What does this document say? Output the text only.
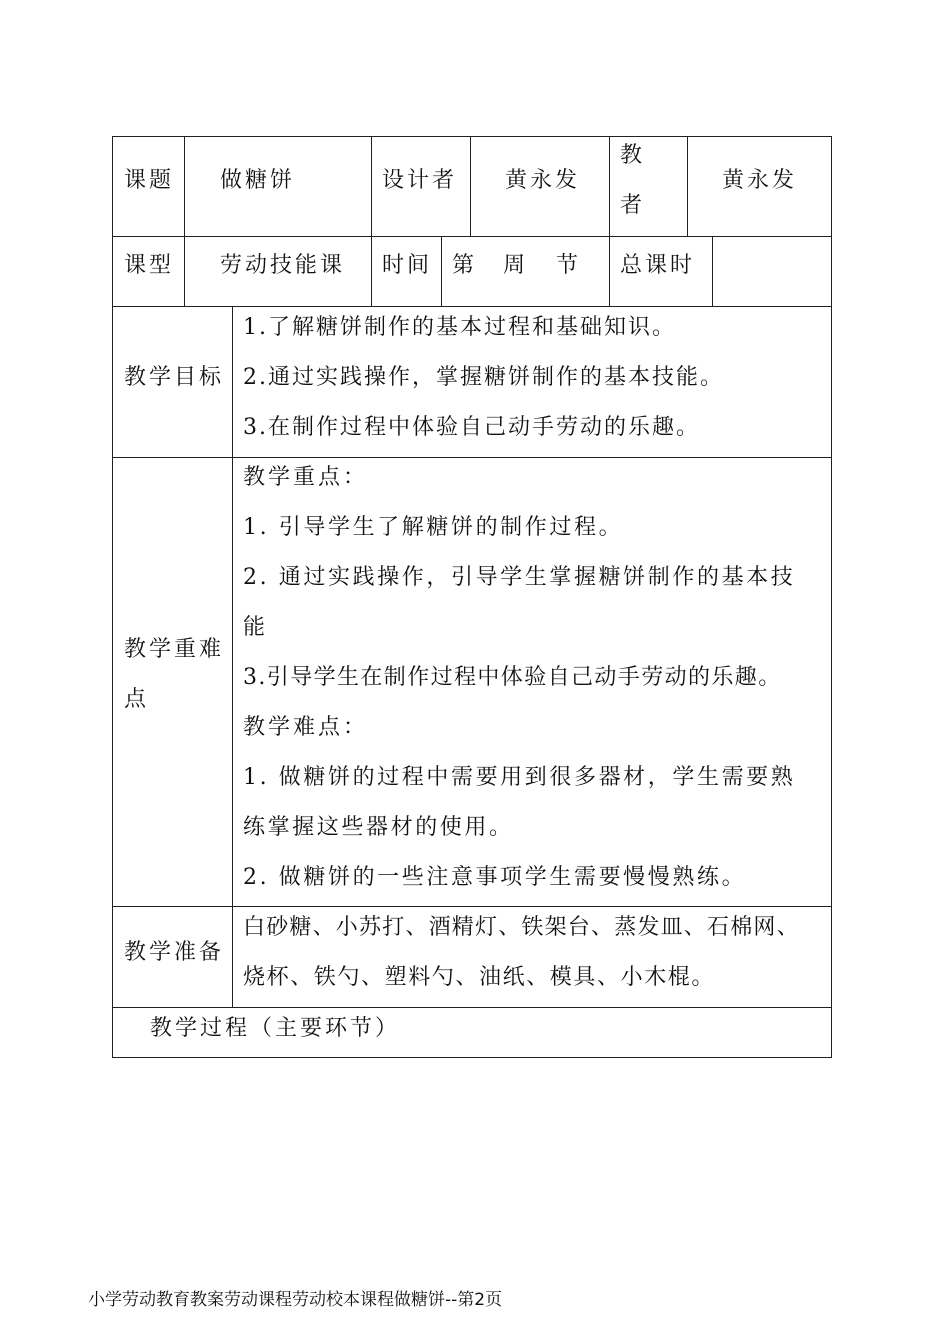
课题 做糖饼	设计者 黄永发
教
者
黄永发
课型 劳动技能课 时间 第 周 节 总课时
教学目标
1.了解糖饼制作的基本过程和基础知识。
2.通过实践操作，掌握糖饼制作的基本技能。
3.在制作过程中体验自己动手劳动的乐趣。
教学重难
点
教学重点：
1. 引导学生了解糖饼的制作过程。
2. 通过实践操作，引导学生掌握糖饼制作的基本技
能
3.引导学生在制作过程中体验自己动手劳动的乐趣。
教学难点：
1. 做糖饼的过程中需要用到很多器材，学生需要熟
练掌握这些器材的使用。
2. 做糖饼的一些注意事项学生需要慢慢熟练。
教学准备
白砂糖、小苏打、酒精灯、铁架台、蒸发皿、石棉网、
烧杯、铁勺、塑料勺、油纸、模具、小木棍。
教学过程（主要环节）
小学劳动教育教案劳动课程劳动校本课程做糖饼--第2页
